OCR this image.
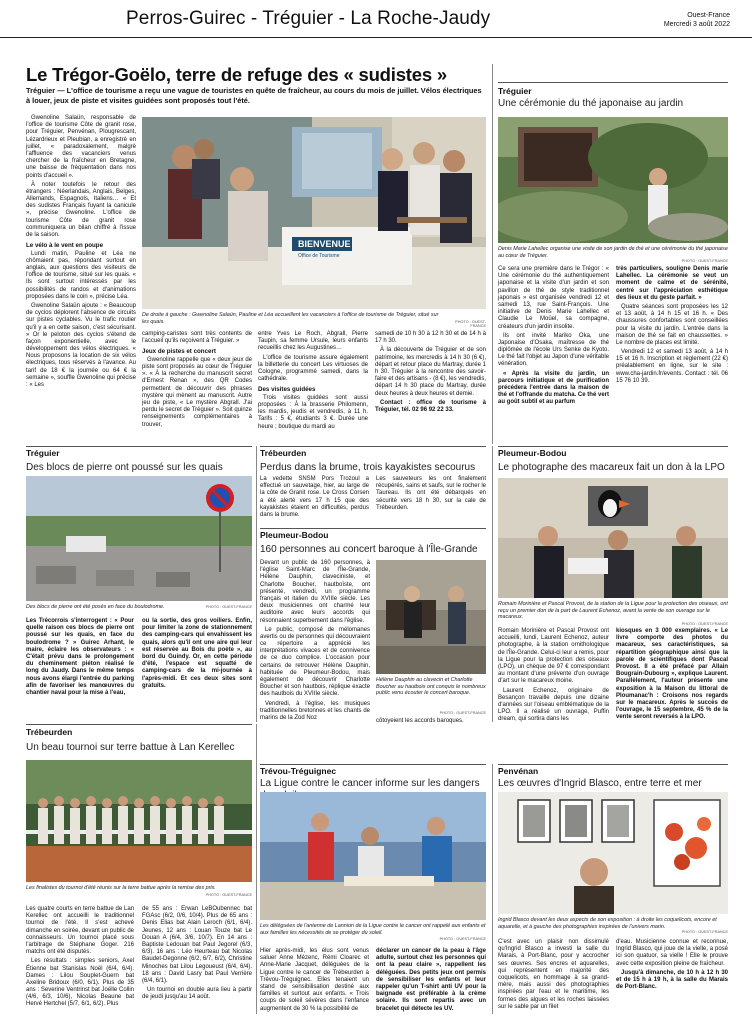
Perros-Guirec - Tréguier - La Roche-Jaudy	Ouest-France
Mercredi 3 août 2022
Le Trégor-Goëlo, terre de refuge des « sudistes »
Tréguier — L'office de tourisme a reçu une vague de touristes en quête de fraîcheur, au cours du mois de juillet. Vélos électriques à louer, jeux de piste et visites guidées sont proposés tout l'été.

Gwenoline Salaün, responsable de l'office de tourisme Côte de granit rose, pour Tréguier, Penvénan, Plougrescant, Lézardrieux et Pleubian, a enregistré en juillet, « paradoxalement, malgré l'affluence des vacanciers venus chercher de la fraîcheur en Bretagne, une baisse de fréquentation dans nos points d'accueil ».

À noter toutefois le retour des étrangers : Néerlandais, Anglais, Belges, Allemands, Espagnols, Italiens… « Et des sudistes Français fuyant la canicule », précise Gwenoline. L'office de tourisme Côte de granit rose communiquera un bilan chiffré à l'issue de la saison.

Le vélo à le vent en poupe

Lundi matin, Pauline et Léa ne chômaient pas, répondant surtout en anglais, aux questions des visiteurs de l'office de tourisme, situé sur les quais. « Ils sont surtout intéressés par les possibilités de randos et d'animations proposées dans le coin », précise Léa.

Gwenoline Salaün ajoute : « Beaucoup de cyclos déplorent l'absence de circuits sur pistes cyclables. Vu le trafic routier qu'il y a en cette saison, c'est sécurisant. » Or le peloton des cyclos s'étend de façon exponentielle, avec le développement des vélos électriques. « Nous proposons la location de six vélos électriques, tous réservés à l'avance. Au tarif de 18 € la journée ou 64 € la semaine », souffle Gwenoline qui précise : « Les

BIENVENUE
Office de Tourisme
De droite à gauche : Gwenoline Salaün, Pauline et Léa accueillent les vacanciers à l'office de tourisme de Tréguier, situé sur les quais.	PHOTO : OUEST-FRANCE

camping-caristes sont très contents de l'accueil qu'ils reçoivent à Tréguier. »

Jeux de pistes et concert

Gwenoline rappelle que « deux jeux de piste sont proposés au cœur de Tréguier ». « À la recherche du manuscrit secret d'Ernest Renan », des QR Codes permettent de découvrir des phrases mystère qui mènent au manuscrit. Autre jeu de piste, « Le mystère Abgrall. J'ai perdu le secret de Tréguier ». Soit quinze renseignements complémentaires à trouver,

entre Yves Le Roch, Abgrall, Pierre Taupin, sa femme Ursule, leurs enfants recueillis chez les Augustines…

L'office de tourisme assure également la billetterie du concert Les virtuoses de Cologne, programmé samedi, dans la cathédrale.

Des visites guidées

Trois visites guidées sont aussi proposées : À la brasserie Philomenn, les mardis, jeudis et vendredis, à 11 h. Tarifs : 5 €, étudiants 3 €. Durée une heure ; boutique du mardi au

samedi de 10 h 30 à 12 h 30 et de 14 h à 17 h 30.

À la découverte de Tréguier et de son patrimoine, les mercredis à 14 h 30 (6 €), départ et retour place du Martray, durée 1 h 30. Tréguier à la rencontre des savoir-faire et des artisans - (8 €), les vendredis, départ 14 h 30 place du Martray, durée deux heures à deux heures et demie.

Contact : office de tourisme à Tréguier, tél. 02 96 92 22 33.

Tréguier
Une cérémonie du thé japonaise au jardin
Denis Marie Lahellec organise une visite de son jardin de thé et une cérémonie du thé japonaise au cœur de Tréguier.
PHOTO : OUEST-FRANCE

Ce sera une première dans le Trégor : « Une cérémonie du thé authentiquement japonaise et la visite d'un jardin et son pavillon de thé de style traditionnel japonais » est organisée vendredi 12 et samedi 13, rue Saint-François. Une initiative de Denis Marie Lahellec et Claudie Le Moüel, sa compagne, créateurs d'un jardin insolite.

Ils ont invité Mariko Oka, une Japonaise d'Osaka, maîtresse de thé diplômée de l'école Urs Senke de Kyoto. Le thé fait l'objet au Japon d'une véritable vénération.

« Après la visite du jardin, un parcours initiatique et de purification précédera l'entrée dans la maison de thé et l'offrande du matcha. Ce thé vert au goût subtil et au parfum

très particuliers, souligne Denis marie Lahellec. La cérémonie se veut un moment de calme et de sérénité, centré sur l'appréciation esthétique des lieux et du geste parfait. »

Quatre séances sont proposées les 12 et 13 août, à 14 h 15 et 16 h. « Des chaussures confortables sont conseillées pour la visite du jardin. L'entrée dans la maison de thé se fait en chaussettes. » Le nombre de places est limité.

Vendredi 12 et samedi 13 août, à 14 h 15 et 16 h. Inscription et règlement (22 €) préalablement en ligne, sur le site : www.cha-jardin.fr/events. Contact : tél. 06 15 76 10 39.

Tréguier
Des blocs de pierre ont poussé sur les quais
Des blocs de pierre ont été posés en face du boulodrome.	PHOTO : OUEST-FRANCE

Les Trécorrois s'interrogent : « Pour quelle raison ces blocs de pierre ont poussé sur les quais, en face du boulodrome ? » Guirec Arhant, le maire, éclaire les observateurs : « C'était prévu dans le prolongement du cheminement piéton réalisé le long du Jaudy. Dans le même temps nous avons élargi l'entrée du parking afin de favoriser les manœuvres du chantier naval pour la mise à l'eau,

ou la sortie, des gros voiliers. Enfin, pour limiter la zone de stationnement des camping-cars qui envahissent les quais, alors qu'il ont une aire qui leur est réservée au Bois du poète », au bord du Guindy. Or, en cette période d'été, l'espace est squatté de camping-cars de la mi-journée à l'après-midi. Et ces deux sites sont gratuits.

Trébeurden
Perdus dans la brume, trois kayakistes secourus

La vedette SNSM Pors Trozoul a effectué un sauvetage, hier, au large de la côte de Granit rose. Le Cross Corsen a été alerté vers 17 h 15 que des kayakistes étaient en difficultés, perdus dans la brume.

Les sauveteurs les ont finalement récupérés, sains et saufs, sur le rocher le Taureau. Ils ont été débarqués en sécurité vers 18 h 30, sur la cale de Trébeurden.

Pleumeur-Bodou
160 personnes au concert baroque à l'Île-Grande

Devant un public de 160 personnes, à l'église Saint-Marc de l'Île-Grande, Hélène Dauphin, claveciniste, et Charlotte Boucher, hautboïste, ont présenté, vendredi, un programme français et italien du XVIIIe siècle. Les deux musiciennes ont charmé leur auditoire avec leurs accords qui résonnaient superbement dans l'église.

Le public, composé de mélomanes avertis ou de personnes qui découvraient ce répertoire a apprécié les interprétations vivaces et de connivence de ce duo complice. L'occasion pour certains de retrouver Hélène Dauphin, habituée de Pleumeur-Bodou, mais également de découvrir Charlotte Boucher et son hautbois, réplique exacte des hautbois du XVIIIe siècle.

Vendredi, à l'église, les musiques traditionnelles bretonnes et les chants de marins de la Zod Noz

Hélène Dauphin au clavecin et Charlotte Boucher au hautbois ont conquis le nombreux public venu écouter le concert baroque.
PHOTO : OUEST-FRANCE

côtoyeient les accords baroques.

Pleumeur-Bodou
Le photographe des macareux fait un don à la LPO
Romain Morinière et Pascal Provost, de la station de la Ligue pour la protection des oiseaux, ont reçu un premier don de la part de Laurent Echenoz, avant la vente de son ouvrage sur le macareux.
PHOTO : OUEST-FRANCE

Romain Morinière et Pascal Provost ont accueilli, lundi, Laurent Echenoz, auteur photographe, à la station ornithologique de l'Île-Grande. Celui-ci leur a remis, pour la Ligue pour la protection des oiseaux (LPO), un chèque de 97 € correspondant au montant d'une prévente d'un ouvrage d'art sur le macareux moine.

Laurent Echenoz, originaire de Besançon travaille depuis une dizaine d'années sur l'oiseau emblématique de la LPO. Il a réalisé un ouvrage, Puffin dream, qui sortira dans les

kiosques en 3 000 exemplaires. « Le livre comporte des photos du macareux, ses caractéristiques, sa répartition géographique ainsi que la parole de scientifiques dont Pascal Provost. Il a été préfacé par Allain Bougrain-Dubourg », explique Laurent. Parallèlement, l'auteur présente une exposition à la Maison du littoral de Ploumanac'h : Croisons nos regards sur le macareux. Après le succès de l'ouvrage, le 15 septembre, 45 % de la vente seront reversés à la LPO.

Trébeurden
Un beau tournoi sur terre battue à Lan Kerellec
Les finalistes du tournoi d'été réunis sur la terre battue après la remise des prix.
PHOTO : OUEST-FRANCE

Les quatre courts en terre battue de Lan Kerellec ont accueilli le traditionnel tournoi de l'été. Il s'est achevé dimanche en soirée, devant un public de connaisseurs. Un tournoi placé sous l'arbitrage de Stéphane Goger. 216 matchs ont été disputés.

Les résultats : simples seniors, Axel Étienne bat Stanislas Noël (6/4, 6/4). Dames : Lilou Souplet-Guern bat Axeline Bridoux (6/0, 6/1). Plus de 35 ans : Severine Ventrinst bat Joëlle Collin (4/6, 6/3, 10/6), Nicolas Beaune bat Hervé Hertchel (5/7, 6/1, 6/2). Plus

de 55 ans : Erwan LeBOubennec bat FGAsc (6/2, 0/6, 10/4). Plus de 65 ans : Denis Elias bat Alain Leroch (6/1, 6/4). Jeunes, 12 ans : Louan Touze bat Le Douan A (6/4, 3/6, 10/7). En 14 ans : Baptiste Ledouan bat Paul Jegorel (6/3, 6/3). 16 ans : Léo Heurteau bat Nicolas Baudet-Degonne (6/2, 6/7, 6/2), Christine Minoches bat Lilou Legoueust (6/4, 6/4). 18 ans : David Lasry bat Paul Verrière (6/4, 6/1).

Un tournoi en double aura lieu à partir de jeudi jusqu'au 14 août.

Trévou-Tréguignec
La Ligue contre le cancer informe sur les dangers
Les déléguées de l'antenne de Lannion de la Ligue contre le cancer ont rappelé aux enfants et aux familles les nécessités de se protéger du soleil.
PHOTO : OUEST-FRANCE

Hier après-midi, les élus sont venus saluer Anne Mézenc, Rémi Cloarec et Anne-Marie Jacquet, déléguées de la Ligue contre le cancer de Trébeurden à Trévou-Tréguignec. Elles tenaient un stand de sensibilisation destiné aux familles et surtout aux enfants. « Trois coups de soleil sévères dans l'enfance augmentent de 30 % la possibilité de

déclarer un cancer de la peau à l'âge adulte, surtout chez les personnes qui ont la peau claire », rappellent les déléguées. Des petits jeux ont permis de sensibiliser les enfants et leur rappeler qu'un T-shirt anti UV pour la baignade est préférable à la crème solaire. Ils sont repartis avec un bracelet qui détecte les UV.

Penvénan
Les œuvres d'Ingrid Blasco, entre terre et mer
Ingrid Blasco devant les deux aspects de son exposition : à droite les coquelicots, encore et aquarelle, et à gauche des photographies inspirées de l'univers marin.
PHOTO : OUEST-FRANCE

C'est avec un plaisir non dissimulé qu'Ingrid Blasco a investi la salle du Marais, à Port-Blanc, pour y accrocher ses œuvres. Ses encres et aquarelles, qui représentent en majorité des coquelicots, en hommage à sa grand-mère, mais aussi des photographies inspirées par l'eau et le maritime, les formes des algues et les roches laissées sur le sable par un filet

d'eau. Musicienne connue et reconnue, Ingrid Blasco, qui joue de la vielle, a posé ici son quatuor, sa vielle ! Elle le prouve avec cette exposition pleine de fraîcheur.

Jusqu'à dimanche, de 10 h à 12 h 30 et de 15 h à 19 h, à la salle du Marais de Port-Blanc.
